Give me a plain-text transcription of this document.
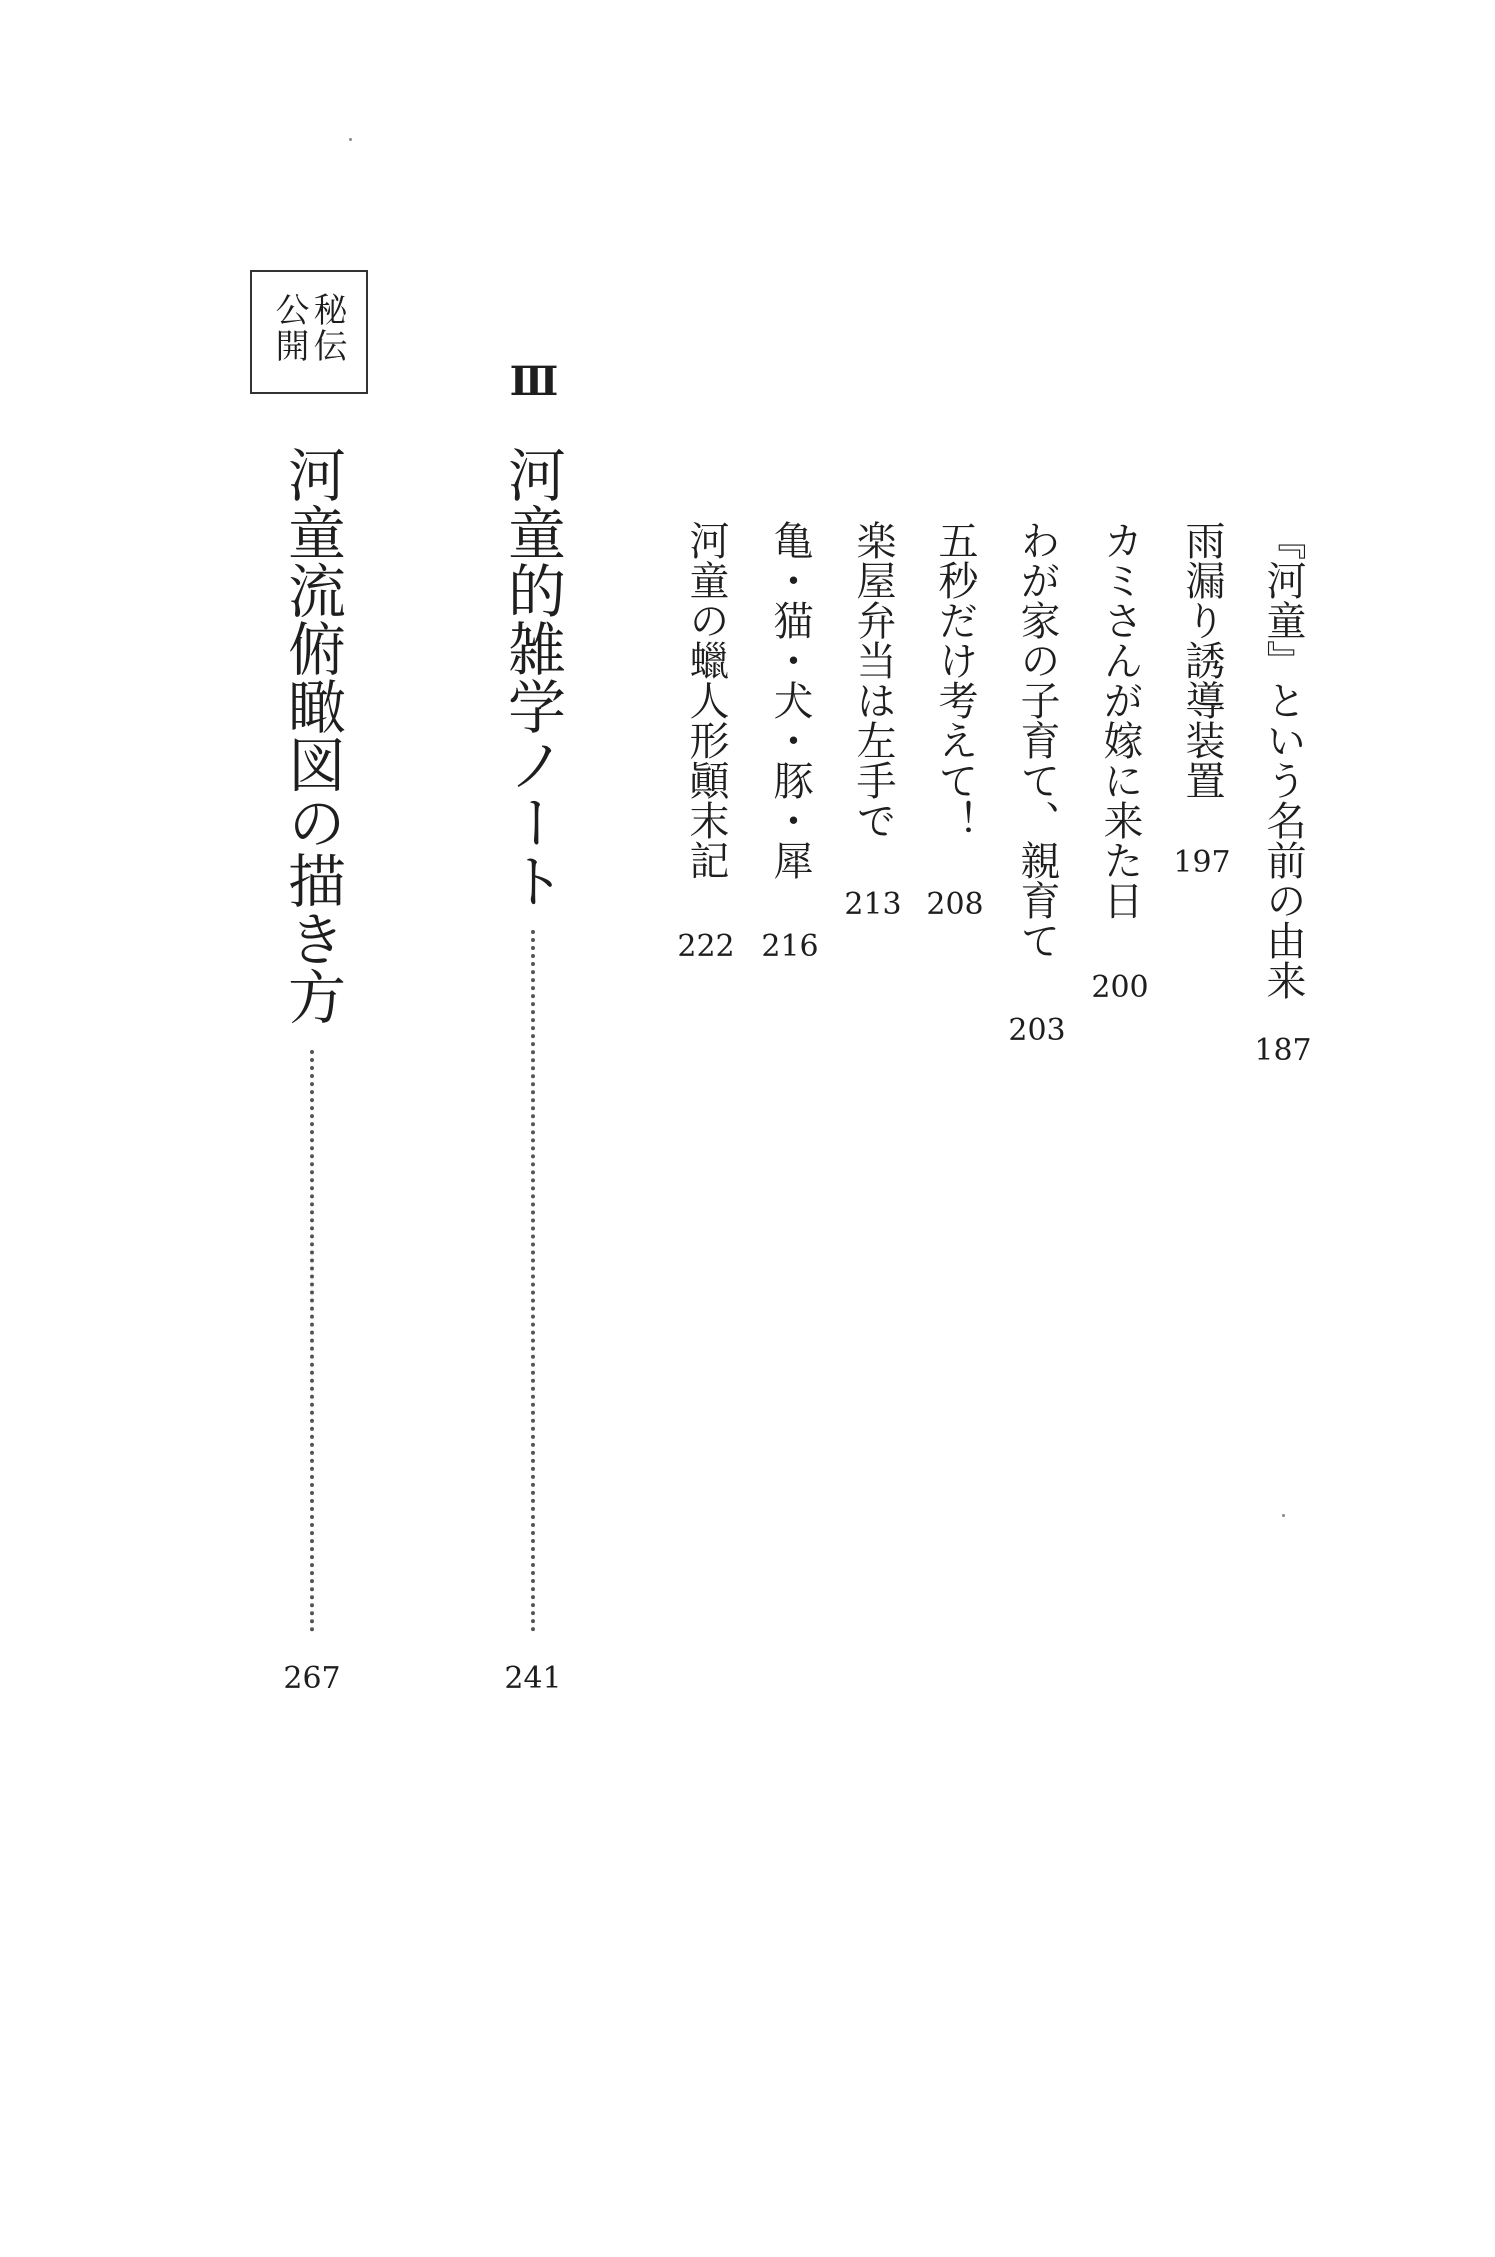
『河童』という名前の由来
187
雨漏り誘導装置
197
カミさんが嫁に来た日
200
わが家の子育て、親育て
203
五秒だけ考えて！
208
楽屋弁当は左手で
213
亀・猫・犬・豚・犀
216
河童の蠟人形顚末記
222
Ⅲ
河童的雑学ノート
241
秘伝
公開
河童流俯瞰図の描き方
267
